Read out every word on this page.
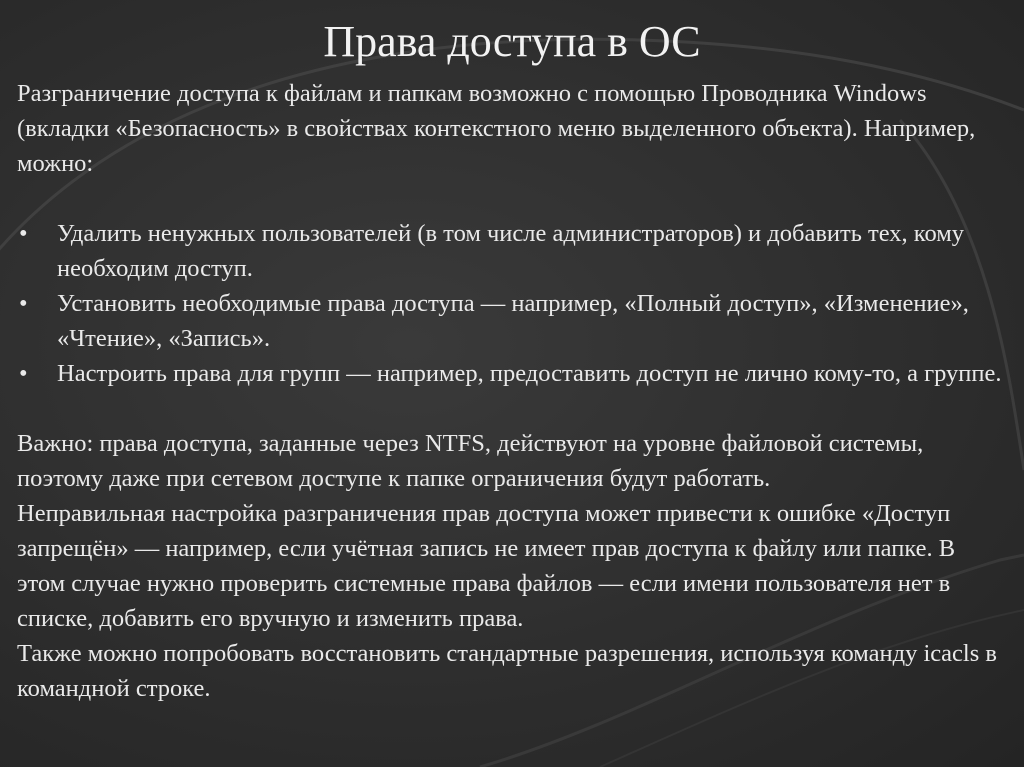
Права доступа в ОС

Разграничение доступа к файлам и папкам возможно с помощью Проводника Windows (вкладки «Безопасность» в свойствах контекстного меню выделенного объекта). Например, можно:

•	Удалить ненужных пользователей (в том числе администраторов) и добавить тех, кому необходим доступ.
•	Установить необходимые права доступа — например, «Полный доступ», «Изменение», «Чтение», «Запись».
•	Настроить права для групп — например, предоставить доступ не лично кому-то, а группе.

Важно: права доступа, заданные через NTFS, действуют на уровне файловой системы, поэтому даже при сетевом доступе к папке ограничения будут работать.

Неправильная настройка разграничения прав доступа может привести к ошибке «Доступ запрещён» — например, если учётная запись не имеет прав доступа к файлу или папке. В этом случае нужно проверить системные права файлов — если имени пользователя нет в списке, добавить его вручную и изменить права.

Также можно попробовать восстановить стандартные разрешения, используя команду icacls в командной строке.
